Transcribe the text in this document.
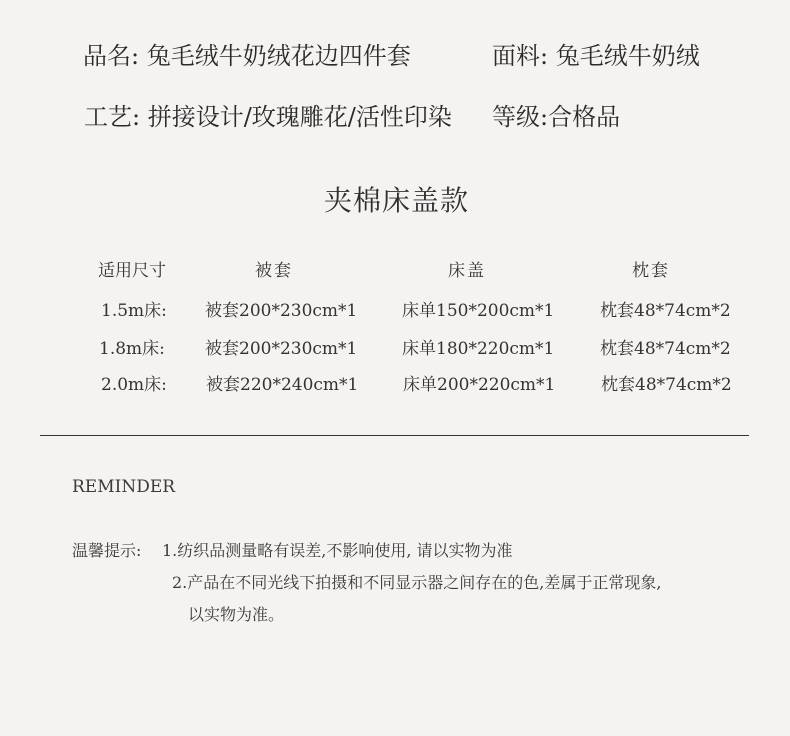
品名: 兔毛绒牛奶绒花边四件套	面料: 兔毛绒牛奶绒
工艺: 拼接设计/玫瑰雕花/活性印染 等级:合格品
夹棉床盖款
适用尺寸	被套	床盖	枕套
1.5m床: 被套200*230cm*1	床单150*200cm*1	枕套48*74cm*2
1.8m床: 被套200*230cm*1	床单180*220cm*1	枕套48*74cm*2
2.0m床: 被套220*240cm*1	床单200*220cm*1	枕套48*74cm*2
REMINDER
温馨提示: 1.纺织品测量略有误差,不影响使用, 请以实物为准
2.产品在不同光线下拍摄和不同显示器之间存在的色,差属于正常现象,
以实物为准。
